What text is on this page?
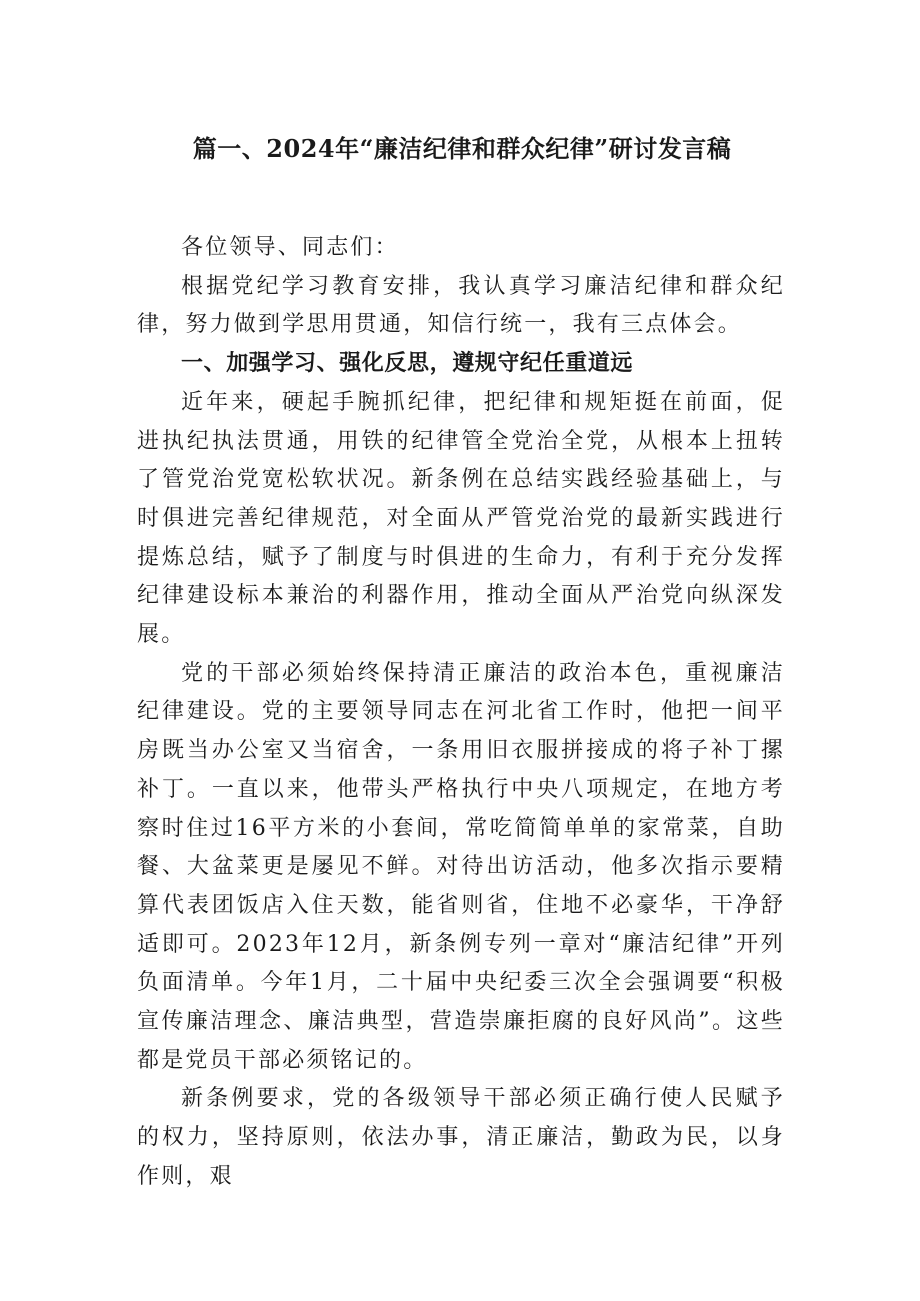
篇一、2024年“廉洁纪律和群众纪律”研讨发言稿

各位领导、同志们：

根据党纪学习教育安排，我认真学习廉洁纪律和群众纪律，努力做到学思用贯通，知信行统一，我有三点体会。

一、加强学习、强化反思，遵规守纪任重道远

近年来，硬起手腕抓纪律，把纪律和规矩挺在前面，促进执纪执法贯通，用铁的纪律管全党治全党，从根本上扭转了管党治党宽松软状况。新条例在总结实践经验基础上，与时俱进完善纪律规范，对全面从严管党治党的最新实践进行提炼总结，赋予了制度与时俱进的生命力，有利于充分发挥纪律建设标本兼治的利器作用，推动全面从严治党向纵深发展。

党的干部必须始终保持清正廉洁的政治本色，重视廉洁纪律建设。党的主要领导同志在河北省工作时，他把一间平房既当办公室又当宿舍，一条用旧衣服拼接成的将子补丁摞补丁。一直以来，他带头严格执行中央八项规定，在地方考察时住过16平方米的小套间，常吃简简单单的家常菜，自助餐、大盆菜更是屡见不鲜。对待出访活动，他多次指示要精算代表团饭店入住天数，能省则省，住地不必豪华，干净舒适即可。2023年12月，新条例专列一章对“廉洁纪律”开列负面清单。今年1月，二十届中央纪委三次全会强调要“积极宣传廉洁理念、廉洁典型，营造崇廉拒腐的良好风尚”。这些都是党员干部必须铭记的。

新条例要求，党的各级领导干部必须正确行使人民赋予的权力，坚持原则，依法办事，清正廉洁，勤政为民，以身作则，艰
